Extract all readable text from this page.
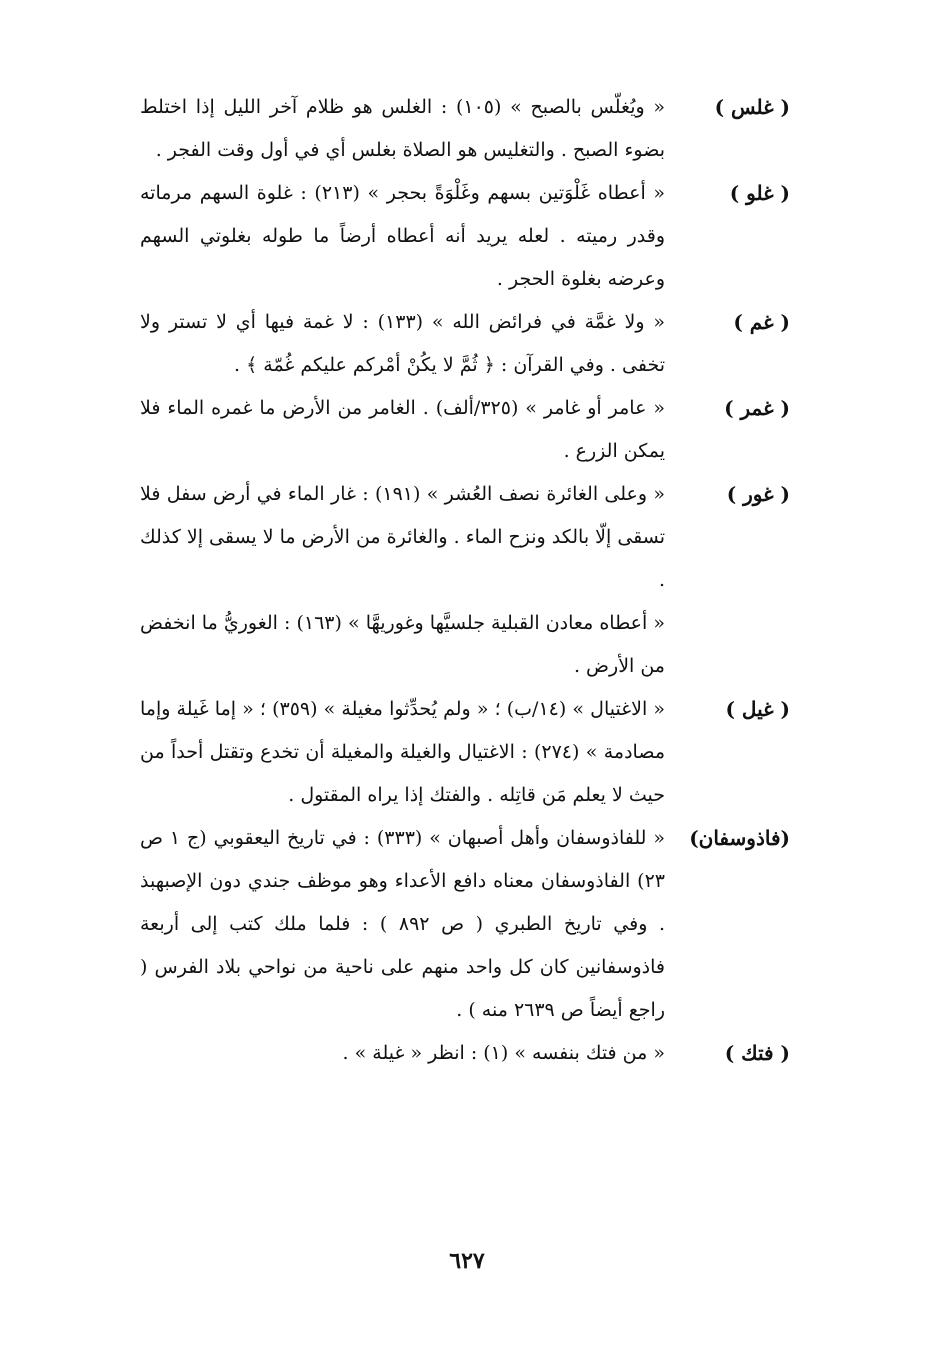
( غلس )

« ويُغلّس بالصبح » (١٠٥) : الغلس هو ظلام آخر الليل إذا اختلط بضوء الصبح . والتغليس هو الصلاة بغلس أي في أول وقت الفجر .

( غلو )

« أعطاه غَلْوَتين بسهم وغَلْوَةً بحجر » (٢١٣) : غلوة السهم مرماته وقدر رميته . لعله يريد أنه أعطاه أرضاً ما طوله بغلوتي السهم وعرضه بغلوة الحجر .

( غم )

« ولا غمَّة في فرائض الله » (١٣٣) : لا غمة فيها أي لا تستر ولا تخفى . وفي القرآن : ﴿ ثُمَّ لا يكُنْ أمْركم عليكم غُمّة ﴾ .

( غمر )

« عامر أو غامر » (٣٢٥/ألف) . الغامر من الأرض ما غمره الماء فلا يمكن الزرع .

( غور )

« وعلى الغائرة نصف العُشر » (١٩١) : غار الماء في أرض سفل فلا تسقى إلّا بالكد ونزح الماء . والغائرة من الأرض ما لا يسقى إلا كذلك .

« أعطاه معادن القبلية جلسيَّها وغوريهَّا » (١٦٣) : الغوريُّ ما انخفض من الأرض .

( غيل )

« الاغتيال » (١٤/ب) ؛ « ولم يُحدِّثوا مغيلة » (٣٥٩) ؛ « إما غَيلة وإما مصادمة » (٢٧٤) : الاغتيال والغيلة والمغيلة أن تخدع وتقتل أحداً من حيث لا يعلم مَن قاتِله . والفتك إذا يراه المقتول .

(فاذوسفان)

« للفاذوسفان وأهل أصبهان » (٣٣٣) : في تاريخ اليعقوبي (ج ١ ص ٢٣) الفاذوسفان معناه دافع الأعداء وهو موظف جندي دون الإصبهبذ . وفي تاريخ الطبري ( ص ٨٩٢ ) : فلما ملك كتب إلى أربعة فاذوسفانين كان كل واحد منهم على ناحية من نواحي بلاد الفرس ( راجع أيضاً ص ٢٦٣٩ منه ) .

( فتك )

« من فتك بنفسه » (١) : انظر « غيلة » .

٦٢٧
